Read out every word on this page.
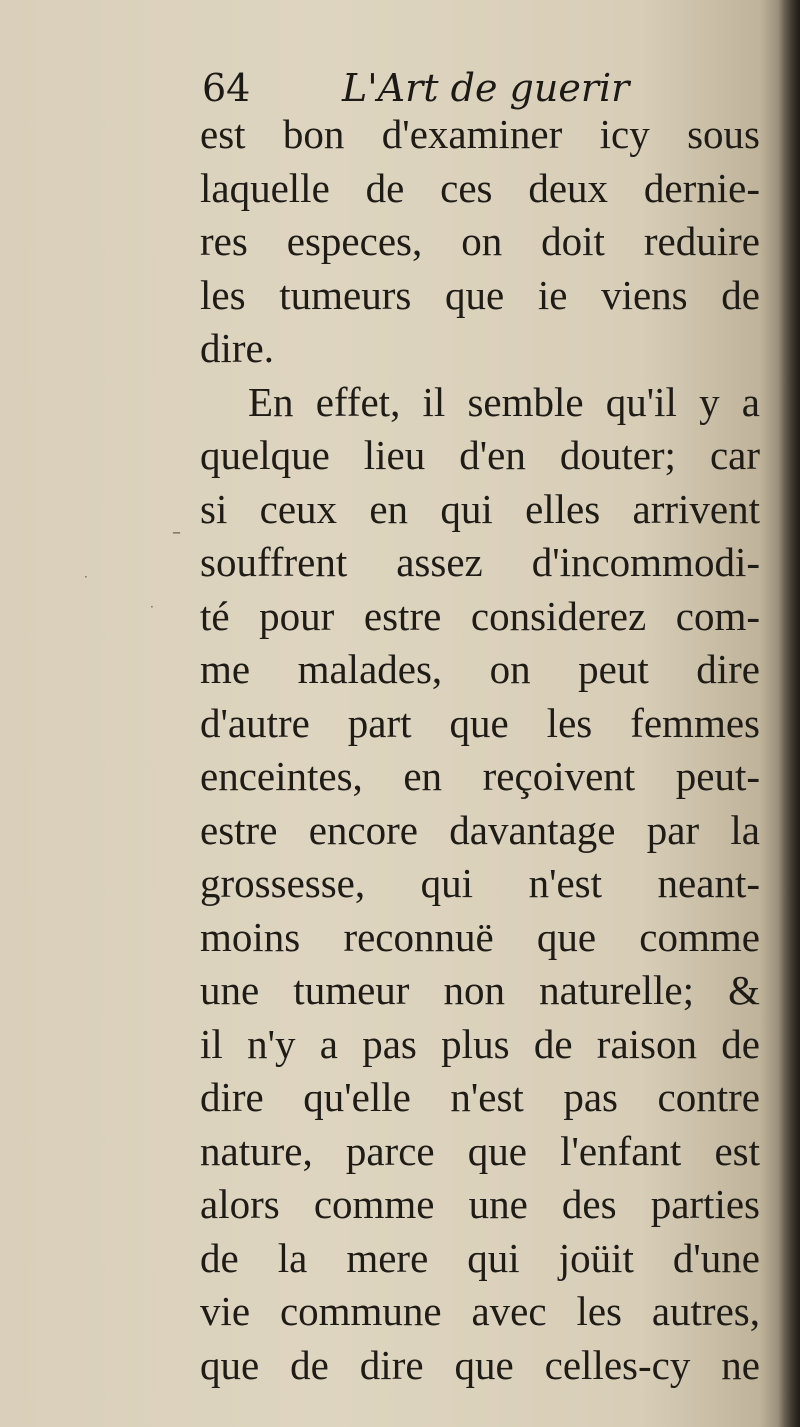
64 L'Art de guerir
est bon d'examiner icy sous
laquelle de ces deux dernie-
res especes, on doit reduire
les tumeurs que ie viens de
dire.
En effet, il semble qu'il y a
quelque lieu d'en douter; car
si ceux en qui elles arrivent
souffrent assez d'incommodi-
té pour estre considerez com-
me malades, on peut dire
d'autre part que les femmes
enceintes, en reçoivent peut-
estre encore davantage par la
grossesse, qui n'est neant-
moins reconnuë que comme
une tumeur non naturelle; &
il n'y a pas plus de raison de
dire qu'elle n'est pas contre
nature, parce que l'enfant est
alors comme une des parties
de la mere qui joüit d'une
vie commune avec les autres,
que de dire que celles-cy ne
–
·
·
